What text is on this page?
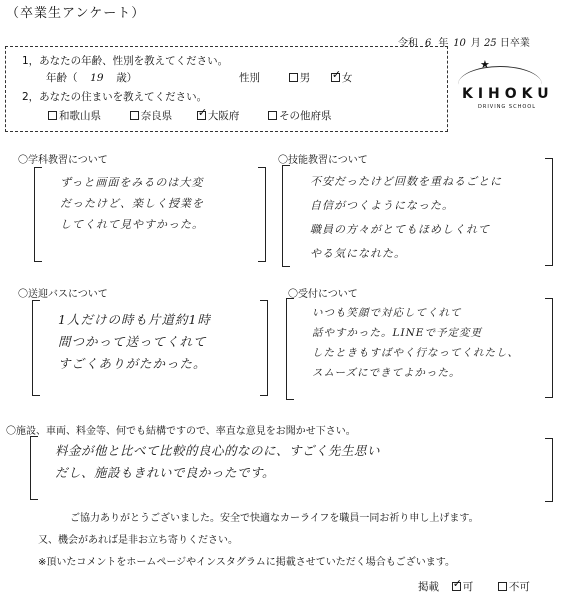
（卒業生アンケート）
令和 6 年 10 月 25 日卒業
1，あなたの年齢、性別を教えてください。
年齢（ 19 歳）	性別	男 ✓	女
2，あなたの住まいを教えてください。
和歌山県	奈良県 ✓	大阪府	その他府県
★
KIHOKU
DRIVING SCHOOL
〇学科教習について
ずっと画面をみるのは大変
だったけど、楽しく授業を
してくれて見やすかった。
〇技能教習について
不安だったけど回数を重ねるごとに
自信がつくようになった。
職員の方々がとてもほめしくれて
やる気になれた。
〇送迎バスについて
1人だけの時も片道約1時
間つかって送ってくれて
すごくありがたかった。
〇受付について
いつも笑顔で対応してくれて
話やすかった。LINEで予定変更
したときもすばやく行なってくれたし、
スムーズにできてよかった。
〇施設、車両、料金等、何でも結構ですので、率直な意見をお聞かせ下さい。
料金が他と比べて比較的良心的なのに、すごく先生思い
だし、施設もきれいで良かったです。
ご協力ありがとうございました。安全で快適なカーライフを職員一同お祈り申し上げます。
又、機会があれば是非お立ち寄りください。
※頂いたコメントをホームページやインスタグラムに掲載させていただく場合もございます。
掲載 ✓ 可	不可
